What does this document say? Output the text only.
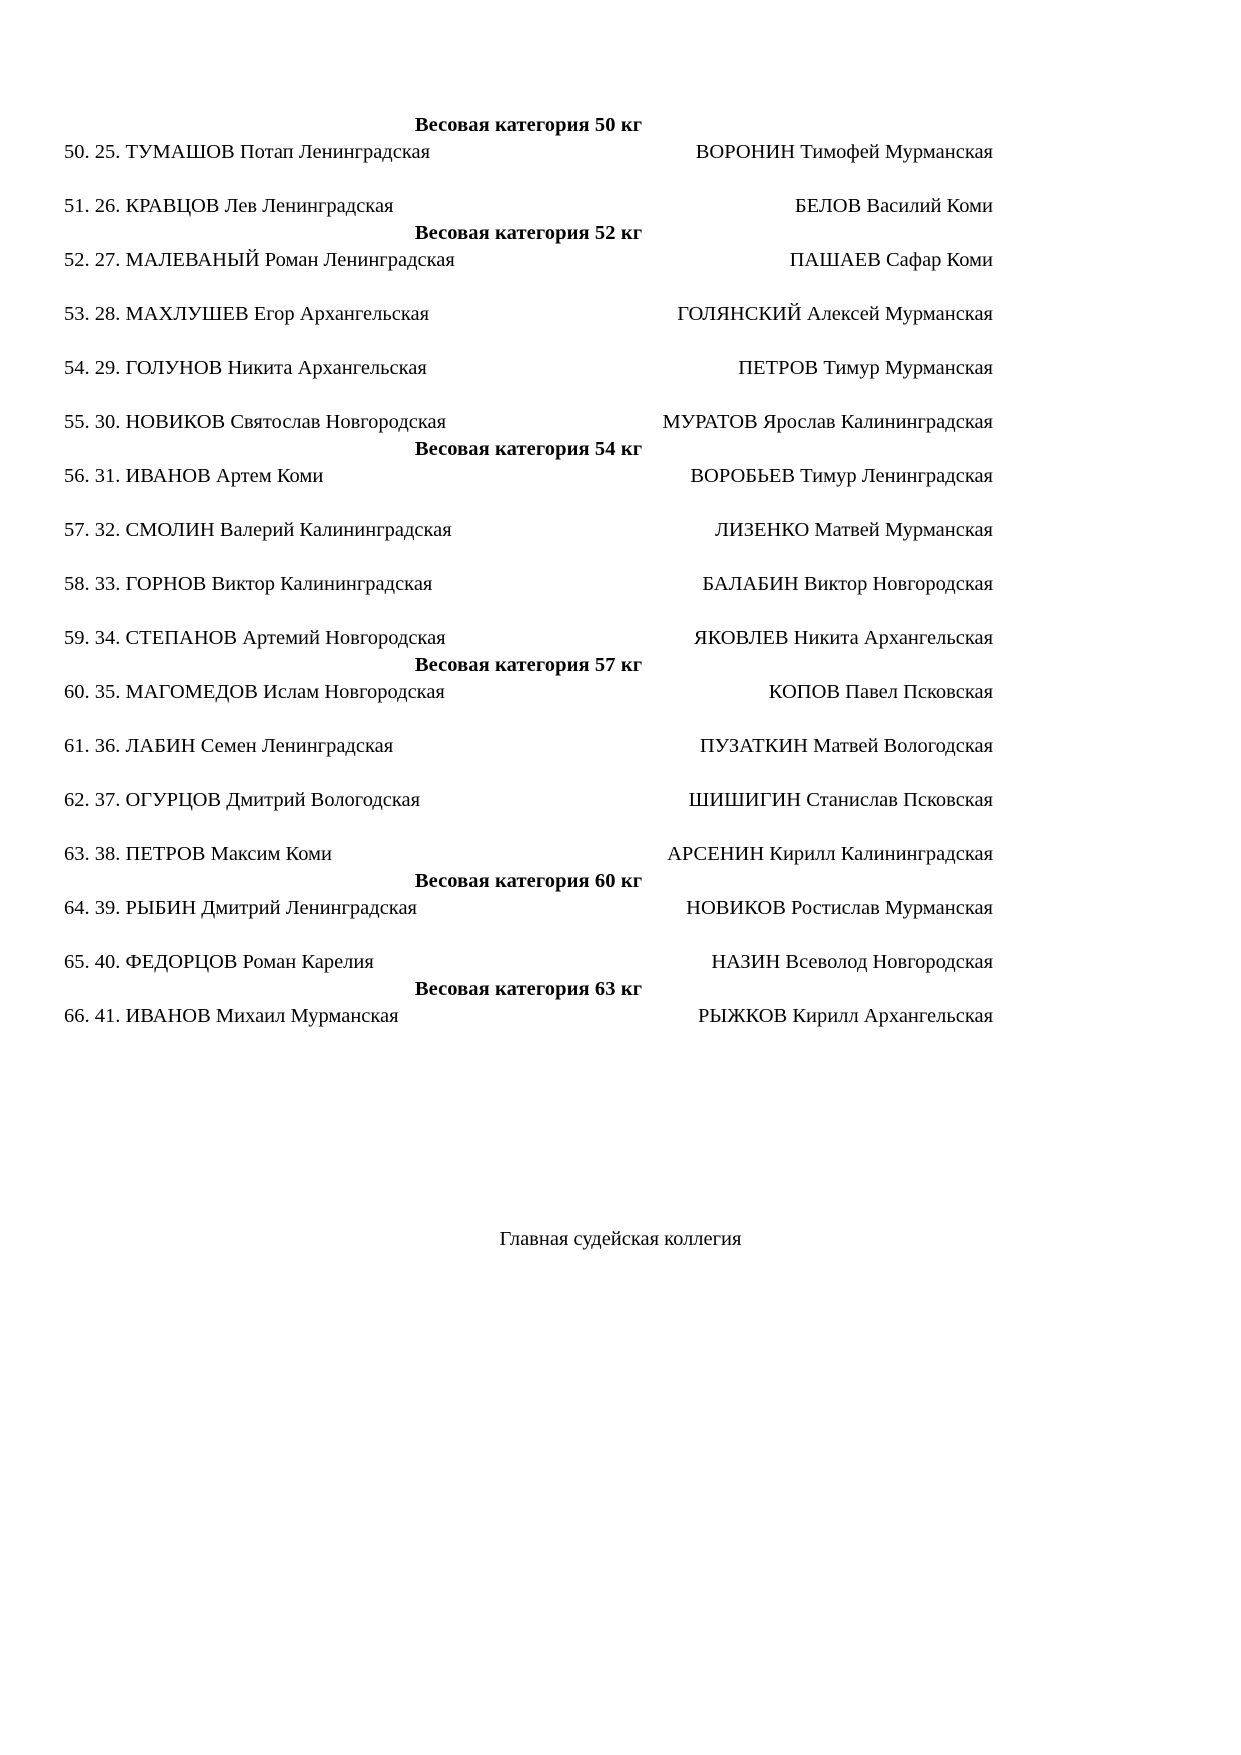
Весовая категория 50 кг
50. 25. ТУМАШОВ Потап Ленинградская	ВОРОНИН Тимофей Мурманская

51. 26. КРАВЦОВ Лев Ленинградская	БЕЛОВ Василий Коми
Весовая категория 52 кг
52. 27. МАЛЕВАНЫЙ Роман Ленинградская	ПАШАЕВ Сафар Коми

53. 28. МАХЛУШЕВ Егор Архангельская	ГОЛЯНСКИЙ Алексей Мурманская

54. 29. ГОЛУНОВ Никита Архангельская	ПЕТРОВ Тимур Мурманская

55. 30. НОВИКОВ Святослав Новгородская	МУРАТОВ Ярослав Калининградская
Весовая категория 54 кг
56. 31. ИВАНОВ Артем Коми	ВОРОБЬЕВ Тимур Ленинградская

57. 32. СМОЛИН Валерий Калининградская	ЛИЗЕНКО Матвей Мурманская

58. 33. ГОРНОВ Виктор Калининградская	БАЛАБИН Виктор Новгородская

59. 34. СТЕПАНОВ Артемий Новгородская	ЯКОВЛЕВ Никита Архангельская
Весовая категория 57 кг
60. 35. МАГОМЕДОВ Ислам Новгородская	КОПОВ Павел Псковская

61. 36. ЛАБИН Семен Ленинградская	ПУЗАТКИН Матвей Вологодская

62. 37. ОГУРЦОВ Дмитрий Вологодская	ШИШИГИН Станислав Псковская

63. 38. ПЕТРОВ Максим Коми	АРСЕНИН Кирилл Калининградская
Весовая категория 60 кг
64. 39. РЫБИН Дмитрий Ленинградская	НОВИКОВ Ростислав Мурманская

65. 40. ФЕДОРЦОВ Роман Карелия	НАЗИН Всеволод Новгородская
Весовая категория 63 кг
66. 41. ИВАНОВ Михаил Мурманская	РЫЖКОВ Кирилл Архангельская
Главная судейская коллегия
